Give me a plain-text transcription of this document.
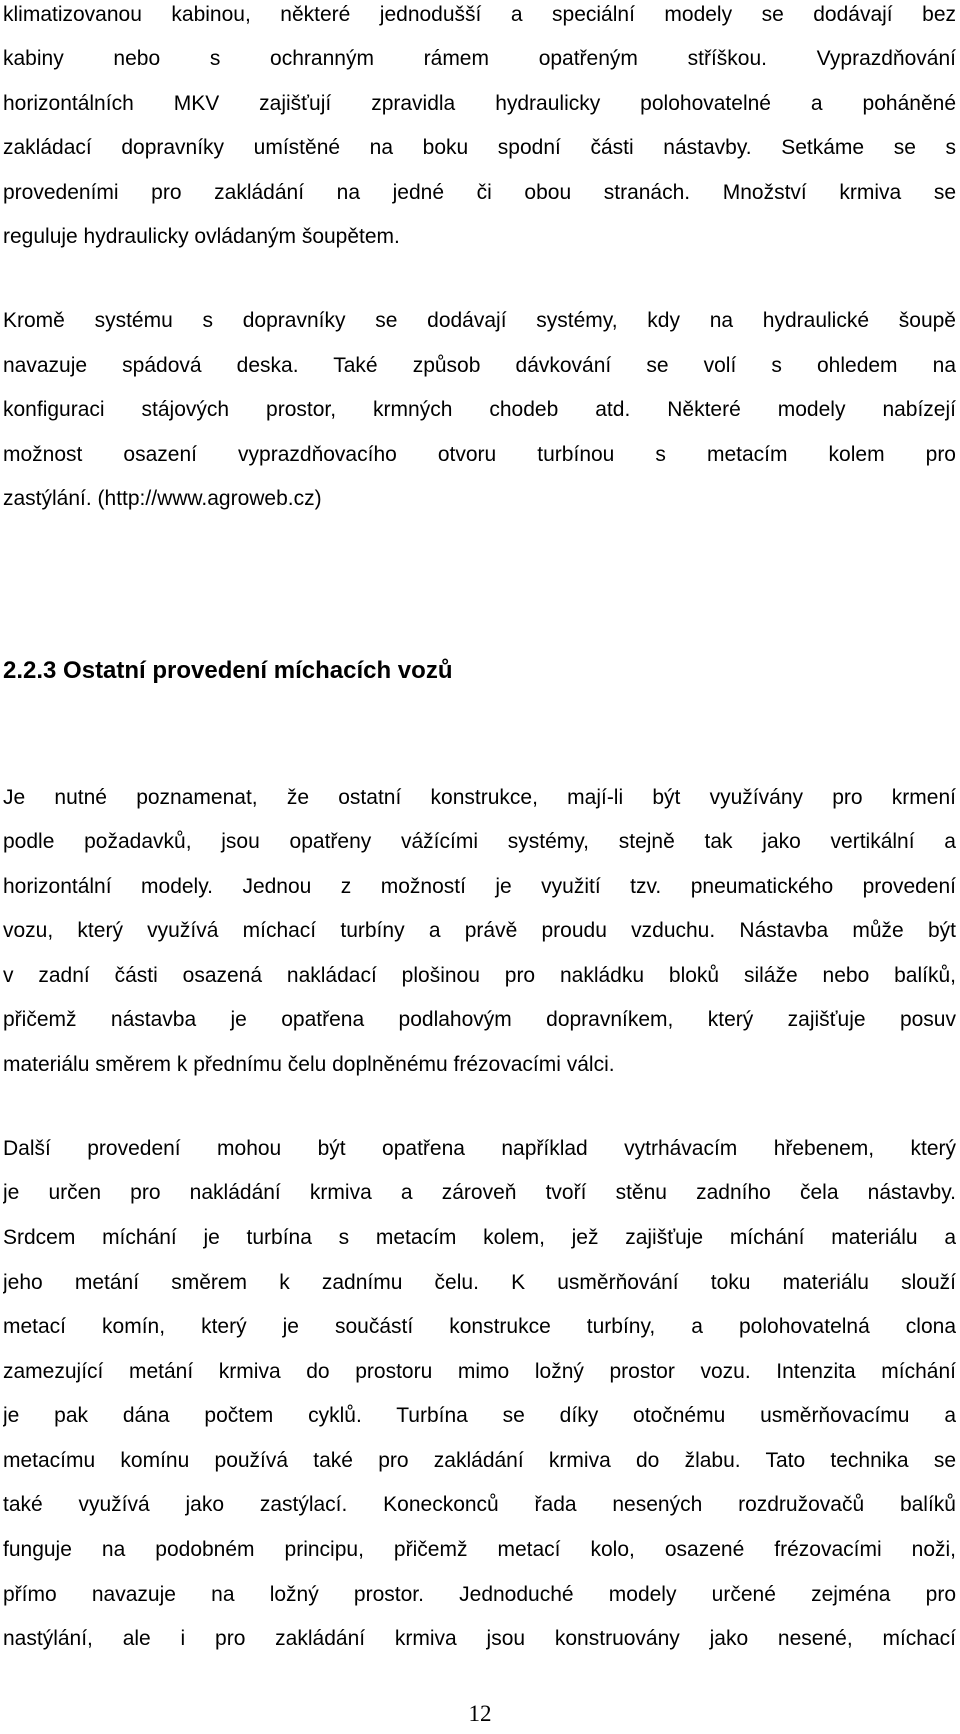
klimatizovanou kabinou, některé jednodušší a speciální modely se dodávají bez
kabiny nebo s ochranným rámem opatřeným stříškou. Vyprazdňování
horizontálních MKV zajišťují zpravidla hydraulicky polohovatelné a poháněné
zakládací dopravníky umístěné na boku spodní části nástavby. Setkáme se s
provedeními pro zakládání na jedné či obou stranách. Množství krmiva se
reguluje hydraulicky ovládaným šoupětem.
Kromě systému s dopravníky se dodávají systémy, kdy na hydraulické šoupě
navazuje spádová deska. Také způsob dávkování se volí s ohledem na
konfiguraci stájových prostor, krmných chodeb atd. Některé modely nabízejí
možnost osazení vyprazdňovacího otvoru turbínou s metacím kolem pro
zastýlání. (http://www.agroweb.cz)
2.2.3 Ostatní provedení míchacích vozů
Je nutné poznamenat, že ostatní konstrukce, mají-li být využívány pro krmení
podle požadavků, jsou opatřeny vážícími systémy, stejně tak jako vertikální a
horizontální modely. Jednou z možností je využití tzv. pneumatického provedení
vozu, který využívá míchací turbíny a právě proudu vzduchu. Nástavba může být
v zadní části osazená nakládací plošinou pro nakládku bloků siláže nebo balíků,
přičemž nástavba je opatřena podlahovým dopravníkem, který zajišťuje posuv
materiálu směrem k přednímu čelu doplněnému frézovacími válci.
Další provedení mohou být opatřena například vytrhávacím hřebenem, který
je určen pro nakládání krmiva a zároveň tvoří stěnu zadního čela nástavby.
Srdcem míchání je turbína s metacím kolem, jež zajišťuje míchání materiálu a
jeho metání směrem k zadnímu čelu. K usměrňování toku materiálu slouží
metací komín, který je součástí konstrukce turbíny, a polohovatelná clona
zamezující metání krmiva do prostoru mimo ložný prostor vozu. Intenzita míchání
je pak dána počtem cyklů. Turbína se díky otočnému usměrňovacímu a
metacímu komínu používá také pro zakládání krmiva do žlabu. Tato technika se
také využívá jako zastýlací. Koneckonců řada nesených rozdružovačů balíků
funguje na podobném principu, přičemž metací kolo, osazené frézovacími noži,
přímo navazuje na ložný prostor. Jednoduché modely určené zejména pro
nastýlání, ale i pro zakládání krmiva jsou konstruovány jako nesené, míchací
12
